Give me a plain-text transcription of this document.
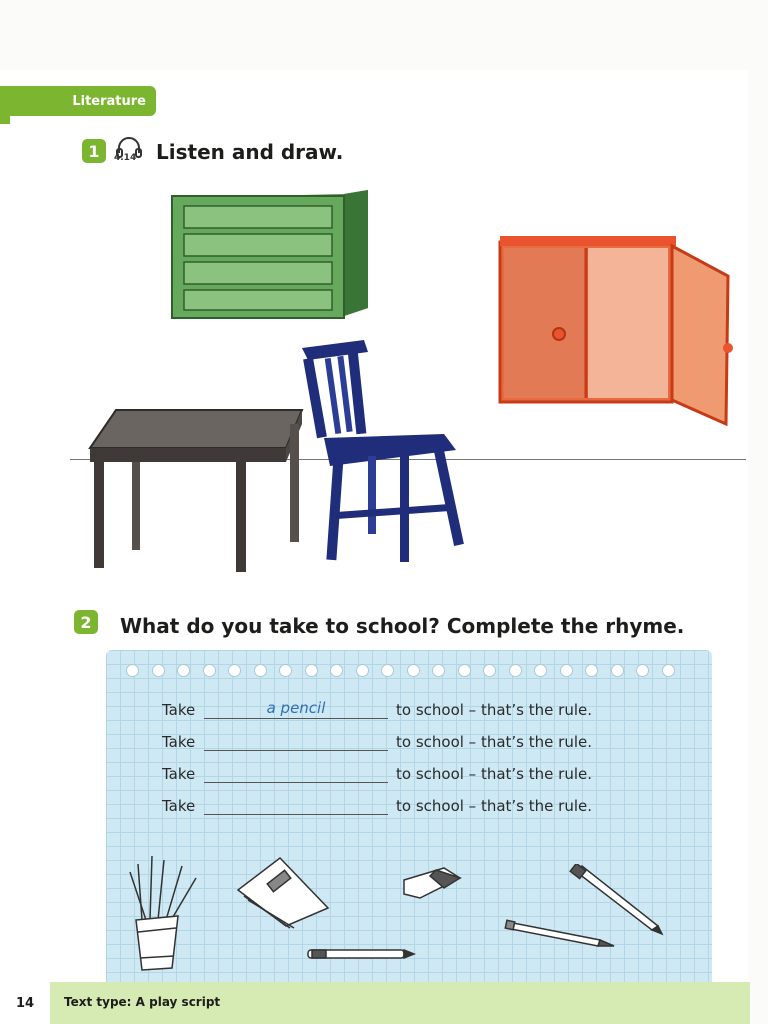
Literature
1	4.14 Listen and draw.
2	What do you take to school? Complete the rhyme.
Take	a pencil	to school – that’s the rule.
Take	to school – that’s the rule.
Take	to school – that’s the rule.
Take	to school – that’s the rule.
14	Text type: A play script
